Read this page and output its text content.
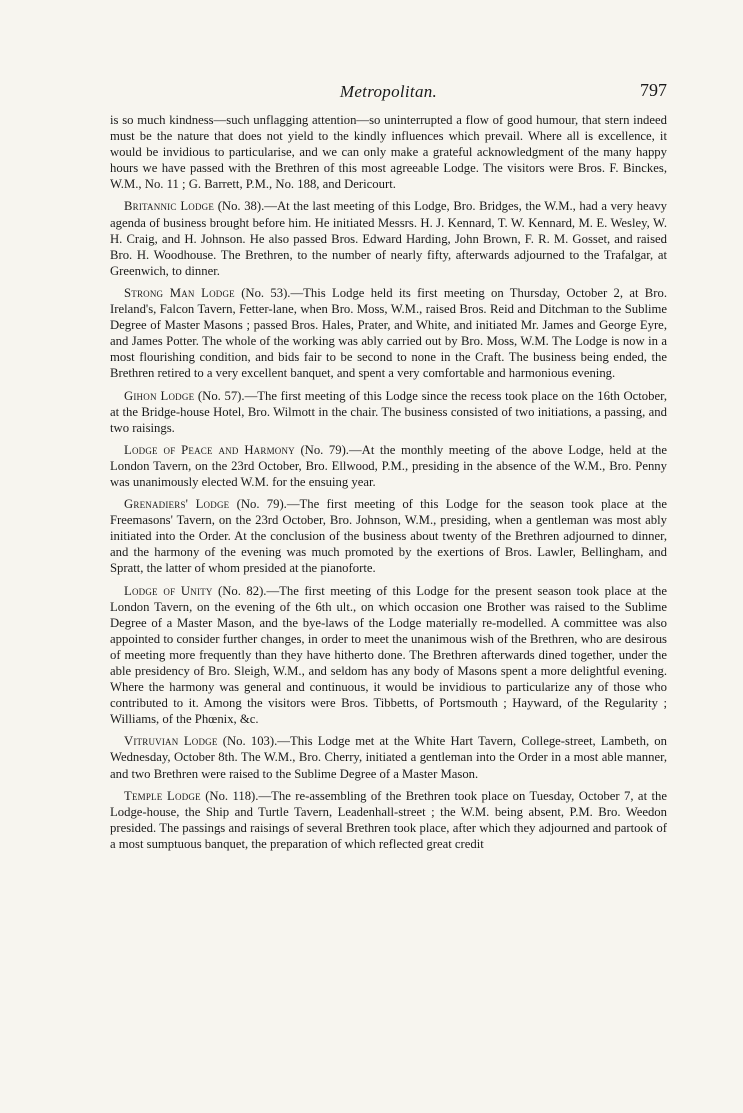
Metropolitan.	797

is so much kindness—such unflagging attention—so uninterrupted a flow of good humour, that stern indeed must be the nature that does not yield to the kindly influences which prevail. Where all is excellence, it would be invidious to particularise, and we can only make a grateful acknowledgment of the many happy hours we have passed with the Brethren of this most agreeable Lodge. The visitors were Bros. F. Binckes, W.M., No. 11 ; G. Barrett, P.M., No. 188, and Dericourt.

Britannic Lodge (No. 38).—At the last meeting of this Lodge, Bro. Bridges, the W.M., had a very heavy agenda of business brought before him. He initiated Messrs. H. J. Kennard, T. W. Kennard, M. E. Wesley, W. H. Craig, and H. Johnson. He also passed Bros. Edward Harding, John Brown, F. R. M. Gosset, and raised Bro. H. Woodhouse. The Brethren, to the number of nearly fifty, afterwards adjourned to the Trafalgar, at Greenwich, to dinner.

Strong Man Lodge (No. 53).—This Lodge held its first meeting on Thursday, October 2, at Bro. Ireland's, Falcon Tavern, Fetter-lane, when Bro. Moss, W.M., raised Bros. Reid and Ditchman to the Sublime Degree of Master Masons ; passed Bros. Hales, Prater, and White, and initiated Mr. James and George Eyre, and James Potter. The whole of the working was ably carried out by Bro. Moss, W.M. The Lodge is now in a most flourishing condition, and bids fair to be second to none in the Craft. The business being ended, the Brethren retired to a very excellent banquet, and spent a very comfortable and harmonious evening.

Gihon Lodge (No. 57).—The first meeting of this Lodge since the recess took place on the 16th October, at the Bridge-house Hotel, Bro. Wilmott in the chair. The business consisted of two initiations, a passing, and two raisings.

Lodge of Peace and Harmony (No. 79).—At the monthly meeting of the above Lodge, held at the London Tavern, on the 23rd October, Bro. Ellwood, P.M., presiding in the absence of the W.M., Bro. Penny was unanimously elected W.M. for the ensuing year.

Grenadiers' Lodge (No. 79).—The first meeting of this Lodge for the season took place at the Freemasons' Tavern, on the 23rd October, Bro. Johnson, W.M., presiding, when a gentleman was most ably initiated into the Order. At the conclusion of the business about twenty of the Brethren adjourned to dinner, and the harmony of the evening was much promoted by the exertions of Bros. Lawler, Bellingham, and Spratt, the latter of whom presided at the pianoforte.

Lodge of Unity (No. 82).—The first meeting of this Lodge for the present season took place at the London Tavern, on the evening of the 6th ult., on which occasion one Brother was raised to the Sublime Degree of a Master Mason, and the bye-laws of the Lodge materially re-modelled. A committee was also appointed to consider further changes, in order to meet the unanimous wish of the Brethren, who are desirous of meeting more frequently than they have hitherto done. The Brethren afterwards dined together, under the able presidency of Bro. Sleigh, W.M., and seldom has any body of Masons spent a more delightful evening. Where the harmony was general and continuous, it would be invidious to particularize any of those who contributed to it. Among the visitors were Bros. Tibbetts, of Portsmouth ; Hayward, of the Regularity ; Williams, of the Phœnix, &c.

Vitruvian Lodge (No. 103).—This Lodge met at the White Hart Tavern, College-street, Lambeth, on Wednesday, October 8th. The W.M., Bro. Cherry, initiated a gentleman into the Order in a most able manner, and two Brethren were raised to the Sublime Degree of a Master Mason.

Temple Lodge (No. 118).—The re-assembling of the Brethren took place on Tuesday, October 7, at the Lodge-house, the Ship and Turtle Tavern, Leadenhall-street ; the W.M. being absent, P.M. Bro. Weedon presided. The passings and raisings of several Brethren took place, after which they adjourned and partook of a most sumptuous banquet, the preparation of which reflected great credit
